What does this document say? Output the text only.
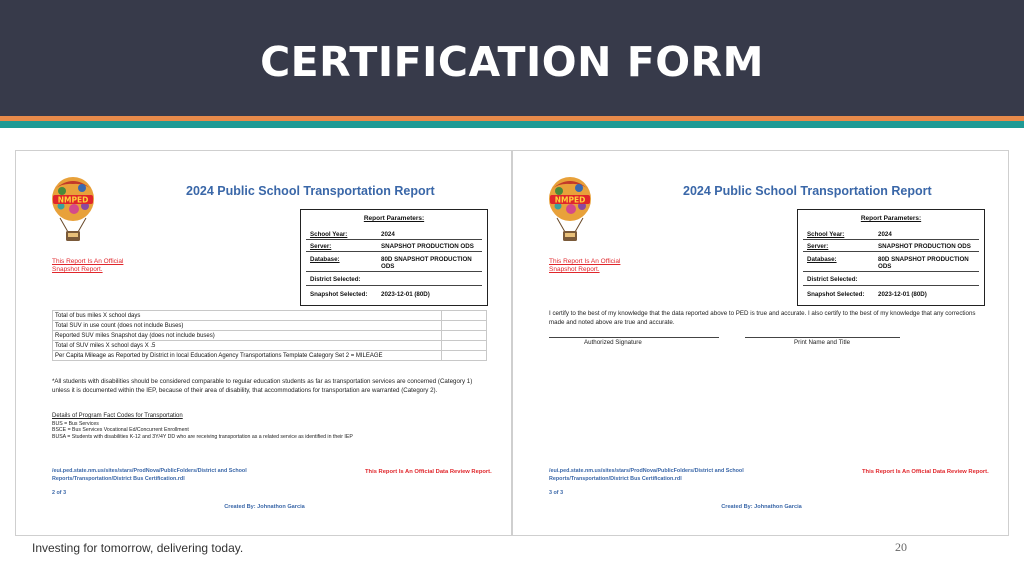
CERTIFICATION FORM
NMPED
2024 Public School Transportation Report
This Report Is An Official Snapshot Report.
Report Parameters:
School Year:	2024
Server:	SNAPSHOT PRODUCTION ODS
Database:	80D SNAPSHOT PRODUCTION ODS
District Selected:
Snapshot Selected: 2023-12-01 (80D)
Total of bus miles X school days	
Total SUV in use count (does not include Buses)	
Reported SUV miles Snapshot day (does not include buses)	
Total of SUV miles X school days X .5	
Per Capita Mileage as Reported by District in local Education Agency Transportations Template Category Set 2 = MILEAGE	
*All students with disabilities should be considered comparable to regular education students as far as transportation services are concerned (Category 1) unless it is documented within the IEP, because of their area of disability, that accommodations for transportation are warranted (Category 2).
Details of Program Fact Codes for Transportation
BUS = Bus Services
BSCE = Bus Services Vocational Ed/Concurrent Enrollment
BUSA = Students with disabilities K-12 and 3Y/4Y DD who are receiving transportation as a related service as identified in their IEP
/eui.ped.state.nm.us/sites/stars/ProdNova/PublicFolders/District and School Reports/Transportation/District Bus Certification.rdl
2 of 3
This Report Is An Official Data Review Report.
Created By: Johnathon Garcia
NMPED
2024 Public School Transportation Report
This Report Is An Official Snapshot Report.
Report Parameters:
School Year:	2024
Server:	SNAPSHOT PRODUCTION ODS
Database:	80D SNAPSHOT PRODUCTION ODS
District Selected:
Snapshot Selected: 2023-12-01 (80D)
I certify to the best of my knowledge that the data reported above to PED is true and accurate. I also certify to the best of my knowledge that any corrections made and noted above are true and accurate.
Authorized Signature	Print Name and Title
/eui.ped.state.nm.us/sites/stars/ProdNova/PublicFolders/District and School Reports/Transportation/District Bus Certification.rdl
3 of 3
This Report Is An Official Data Review Report.
Created By: Johnathon Garcia
Investing for tomorrow, delivering today.	20
